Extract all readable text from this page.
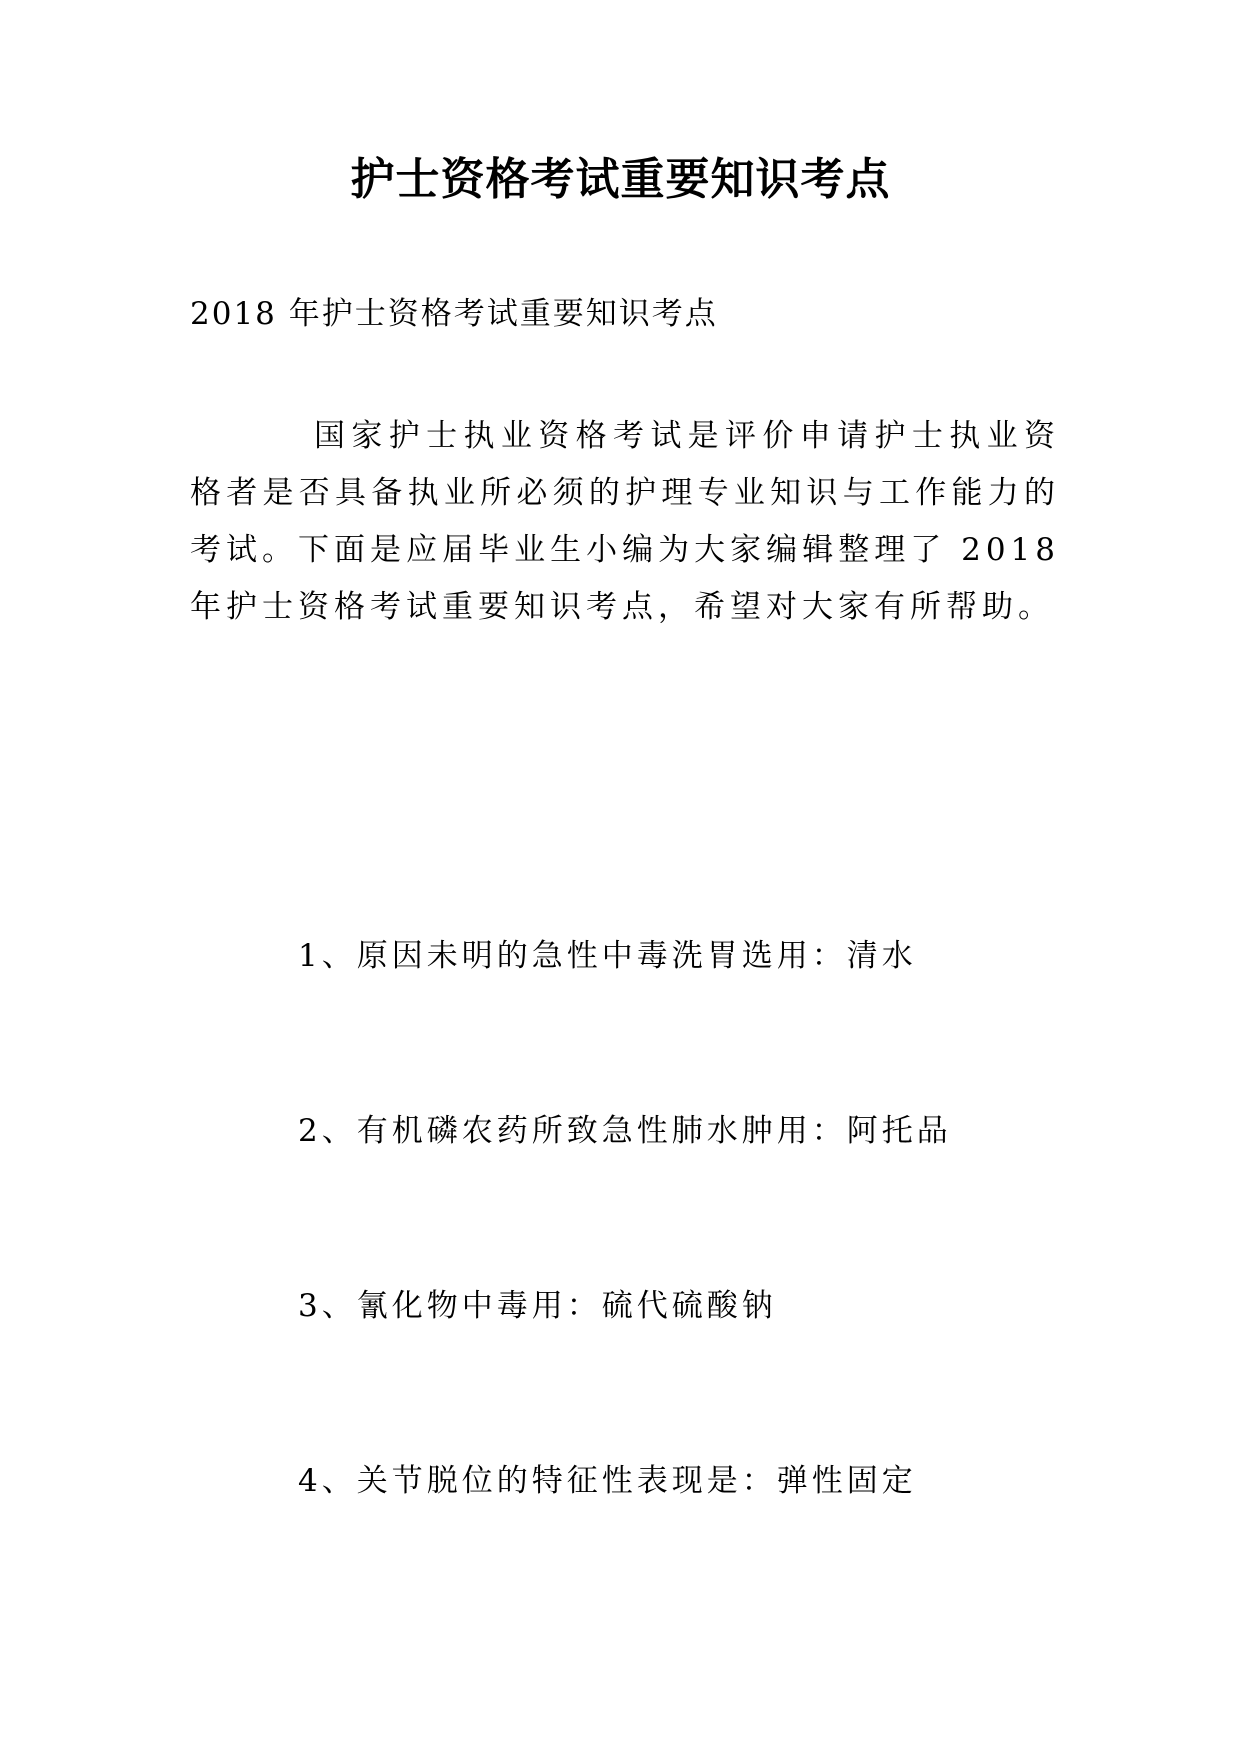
护士资格考试重要知识考点
2018 年护士资格考试重要知识考点

国家护士执业资格考试是评价申请护士执业资格者是否具备执业所必须的护理专业知识与工作能力的考试。下面是应届毕业生小编为大家编辑整理了 2018 年护士资格考试重要知识考点，希望对大家有所帮助。

1、原因未明的急性中毒洗胃选用：清水
2、有机磷农药所致急性肺水肿用：阿托品
3、氰化物中毒用：硫代硫酸钠
4、关节脱位的特征性表现是：弹性固定
